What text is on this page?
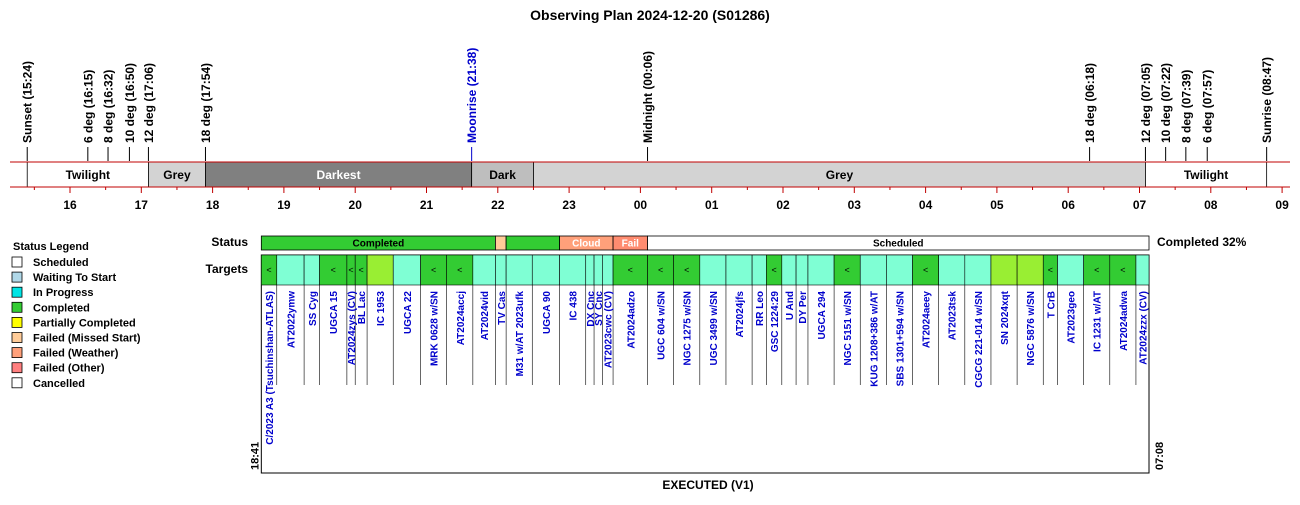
Observing Plan 2024-12-20 (S01286)
Sunset (15:24)	6 deg (16:15) 8 deg (16:32) 10 deg (16:50) 12 deg (17:06)	18 deg (17:54)	Moonrise (21:38)	Midnight (00:06)	18 deg (06:18)	12 deg (07:05) 10 deg (07:22) 8 deg (07:39) 6 deg (07:57)	Sunrise (08:47)
Twilight	Grey	Darkest	Dark	Grey	Twilight
16	17	18	19	20	21	22	23	00	01	02	03	04	05	06	07	08	09
Status Legend
Scheduled
Waiting To Start
In Progress
Completed
Partially Completed
Failed (Missed Start)
Failed (Weather)
Failed (Other)
Cancelled
Status	Completed	Cloud Fail	Scheduled	Completed 32%
Targets <
C/2023 A3 (Tsuchinshan-ATLAS) AT2022ymw SS Cyg
<
UGCA 15
<
AT2024zys (CV)
<
BL Lac IC 1953 UGCA 22
<
MRK 0628 w/SN
<
AT2024accj AT2024vid TV Cas M31 w/AT 2023ufk UGCA 90 IC 438 DX Cnc
SY Cnc
AT2023cwc (CV)
<
AT2024adzo
<
UGC 604 w/SN
<
NGC 1275 w/SN UGC 3499 w/SN AT2024jfs RR Leo
<
GSC 1224:29 U And DY Per UGCA 294
<
NGC 5151 w/SN KUG 1208+386 w/AT SBS 1301+594 w/SN
<
AT2024aeey AT2023tsk CGCG 221-014 w/SN SN 2024xqt NGC 5876 w/SN
<
T CrB AT2023geo
<
IC 1231 w/AT
<
AT2024adwa AT2024zzx (CV)
18:41	07:08
EXECUTED (V1)
